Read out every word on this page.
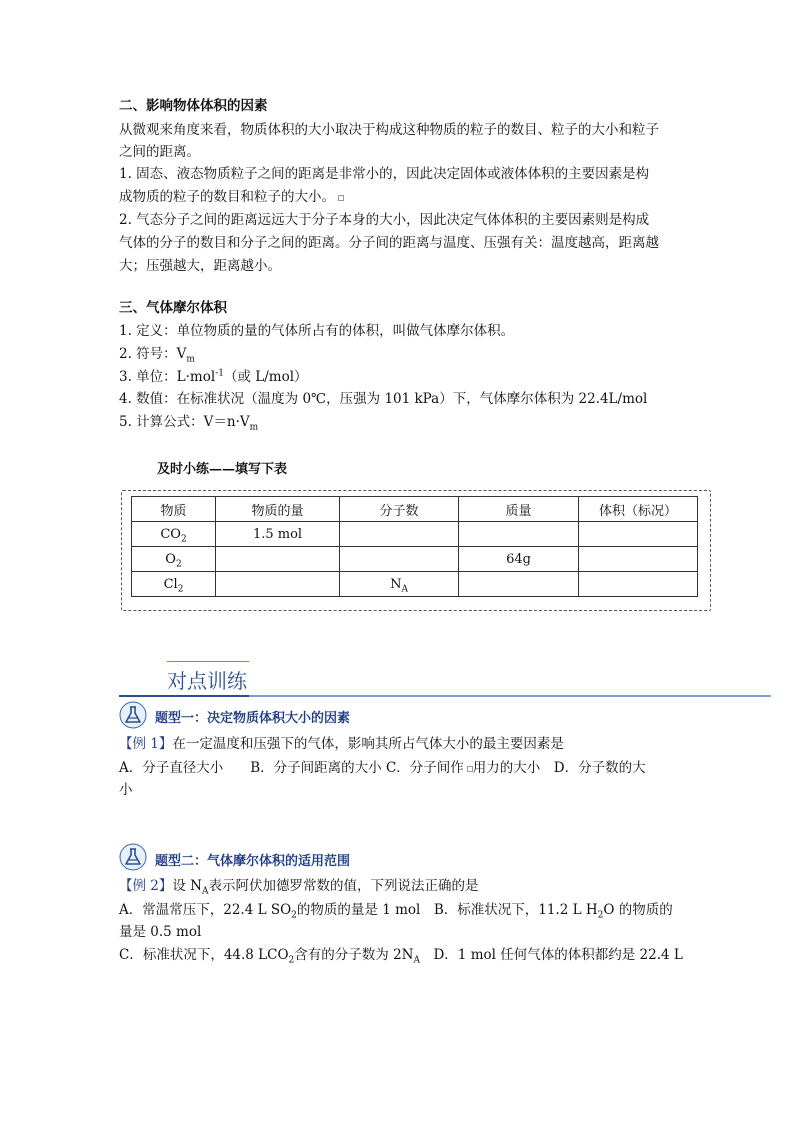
二、影响物体体积的因素
从微观来角度来看，物质体积的大小取决于构成这种物质的粒子的数目、粒子的大小和粒子
之间的距离。
1. 固态、液态物质粒子之间的距离是非常小的，因此决定固体或液体体积的主要因素是构
成物质的粒子的数目和粒子的大小。
2. 气态分子之间的距离远远大于分子本身的大小，因此决定气体体积的主要因素则是构成
气体的分子的数目和分子之间的距离。分子间的距离与温度、压强有关：温度越高，距离越
大；压强越大，距离越小。
三、气体摩尔体积
1. 定义：单位物质的量的气体所占有的体积，叫做气体摩尔体积。
2. 符号：$V_m$
3. 单位：L·mol$^{-1}$（或 L/mol）
4. 数值：在标准状况（温度为 0℃，压强为 101 kPa）下，气体摩尔体积为 22.4L/mol
5. 计算公式：$V=n\cdot V_m$
及时小练——填写下表
物质	物质的量	分子数	质量	体积（标况）
$CO_2$	1.5 mol			
$O_2$			64g	
$Cl_2$		$N_A$		
对点训练
题型一：决定物质体积大小的因素
【例 1】在一定温度和压强下的气体，影响其所占气体大小的最主要因素是
A．分子直径大小　　B．分子间距离的大小 C．分子间作 用力的大小　D．分子数的大
小
题型二：气体摩尔体积的适用范围
【例 2】设 $N_A$表示阿伏加德罗常数的值，下列说法正确的是
A．常温常压下，22.4 L $SO_2$的物质的量是 1 mol　B．标准状况下，11.2 L $H_2O$ 的物质的
量是 0.5 mol
C．标准状况下，44.8 $LCO_2$含有的分子数为 $2N_A$　D．1 mol 任何气体的体积都约是 22.4 L
